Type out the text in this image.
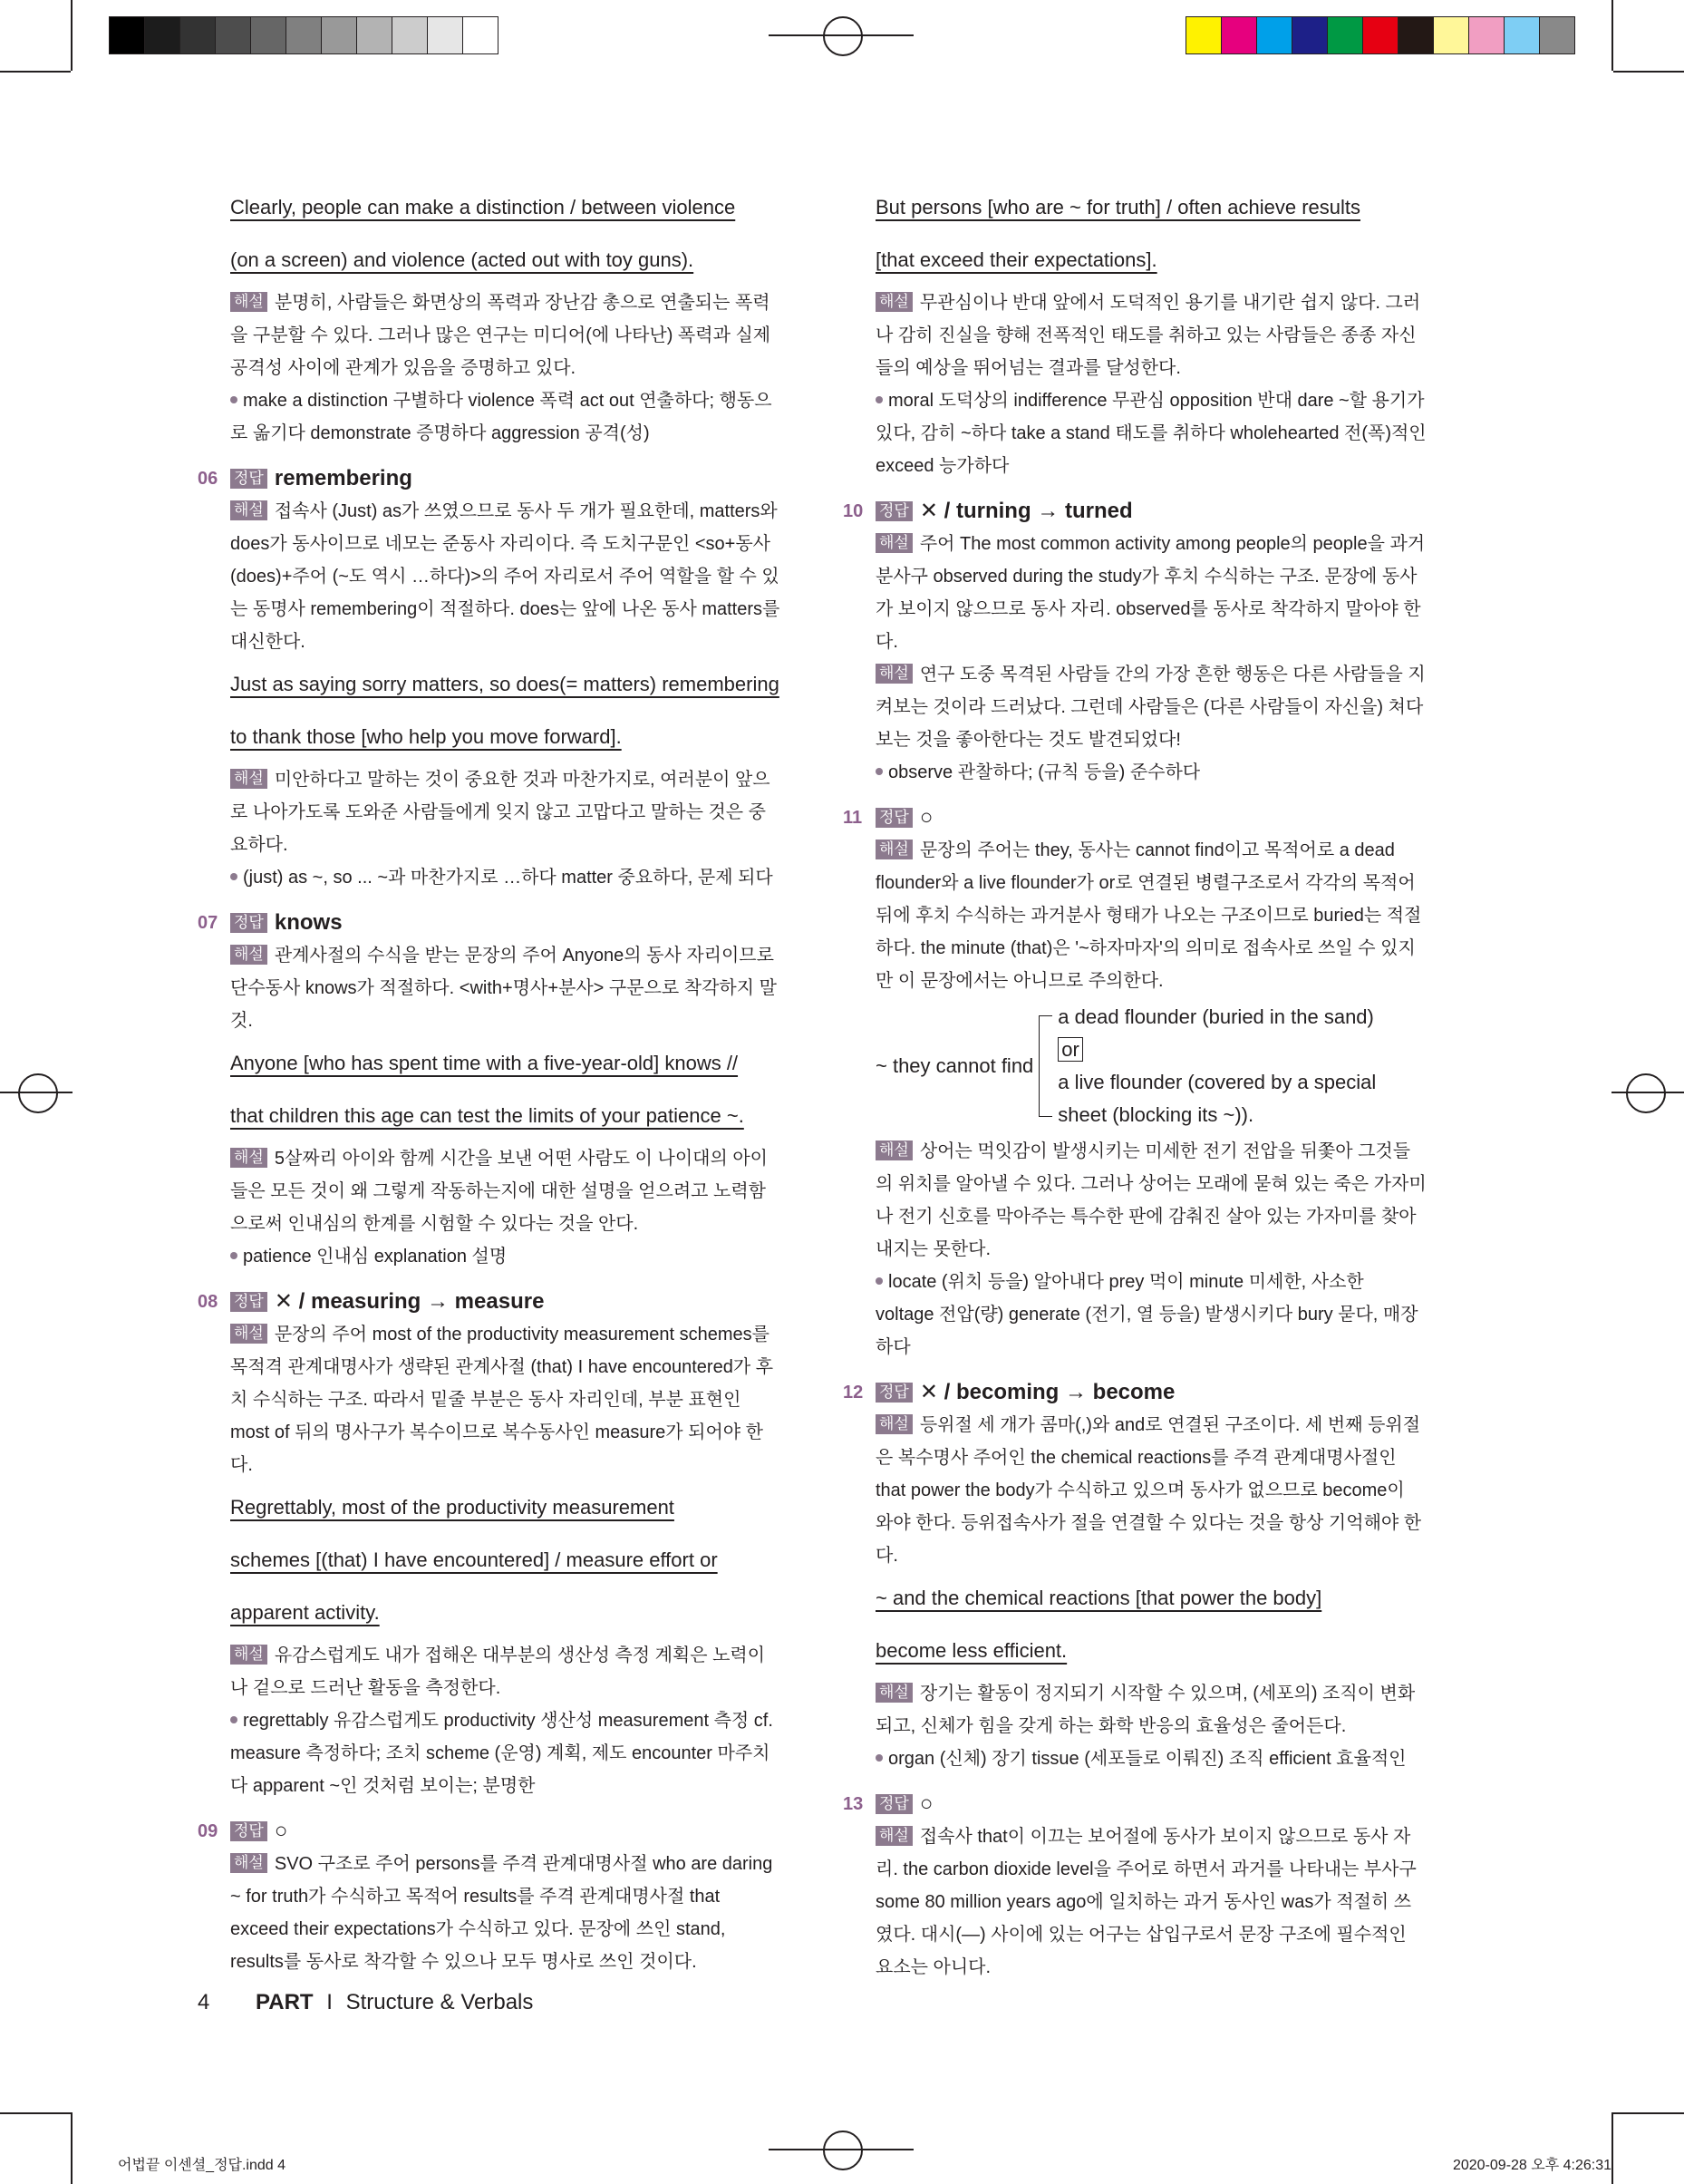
Clearly, people can make a distinction / between violence

(on a screen) and violence (acted out with toy guns).

해설 분명히, 사람들은 화면상의 폭력과 장난감 총으로 연출되는 폭력을 구분할 수 있다. 그러나 많은 연구는 미디어(에 나타난) 폭력과 실제 공격성 사이에 관계가 있음을 증명하고 있다.

make a distinction 구별하다 violence 폭력 act out 연출하다; 행동으로 옮기다 demonstrate 증명하다 aggression 공격(성)

06 정답 remembering

해설 접속사 (Just) as가 쓰였으므로 동사 두 개가 필요한데, matters와 does가 동사이므로 네모는 준동사 자리이다. 즉 도치구문인 <so+동사(does)+주어 (~도 역시 …하다)>의 주어 자리로서 주어 역할을 할 수 있는 동명사 remembering이 적절하다. does는 앞에 나온 동사 matters를 대신한다.

Just as saying sorry matters, so does(= matters) remembering

to thank those [who help you move forward].

해설 미안하다고 말하는 것이 중요한 것과 마찬가지로, 여러분이 앞으로 나아가도록 도와준 사람들에게 잊지 않고 고맙다고 말하는 것은 중요하다.

(just) as ~, so ... ~과 마찬가지로 …하다 matter 중요하다, 문제 되다

07 정답 knows

해설 관계사절의 수식을 받는 문장의 주어 Anyone의 동사 자리이므로 단수동사 knows가 적절하다. <with+명사+분사> 구문으로 착각하지 말 것.

Anyone [who has spent time with a five-year-old] knows //

that children this age can test the limits of your patience ~.

해설 5살짜리 아이와 함께 시간을 보낸 어떤 사람도 이 나이대의 아이들은 모든 것이 왜 그렇게 작동하는지에 대한 설명을 얻으려고 노력함으로써 인내심의 한계를 시험할 수 있다는 것을 안다.

patience 인내심 explanation 설명

08 정답 ✕ / measuring → measure

해설 문장의 주어 most of the productivity measurement schemes를 목적격 관계대명사가 생략된 관계사절 (that) I have encountered가 후치 수식하는 구조. 따라서 밑줄 부분은 동사 자리인데, 부분 표현인 most of 뒤의 명사구가 복수이므로 복수동사인 measure가 되어야 한다.

Regrettably, most of the productivity measurement

schemes [(that) I have encountered] / measure effort or

apparent activity.

해설 유감스럽게도 내가 접해온 대부분의 생산성 측정 계획은 노력이나 겉으로 드러난 활동을 측정한다.

regrettably 유감스럽게도 productivity 생산성 measurement 측정 cf. measure 측정하다; 조치 scheme (운영) 계획, 제도 encounter 마주치다 apparent ~인 것처럼 보이는; 분명한

09 정답 ○

해설 SVO 구조로 주어 persons를 주격 관계대명사절 who are daring ~ for truth가 수식하고 목적어 results를 주격 관계대명사절 that exceed their expectations가 수식하고 있다. 문장에 쓰인 stand, results를 동사로 착각할 수 있으나 모두 명사로 쓰인 것이다.

But persons [who are ~ for truth] / often achieve results

[that exceed their expectations].

해설 무관심이나 반대 앞에서 도덕적인 용기를 내기란 쉽지 않다. 그러나 감히 진실을 향해 전폭적인 태도를 취하고 있는 사람들은 종종 자신들의 예상을 뛰어넘는 결과를 달성한다.

moral 도덕상의 indifference 무관심 opposition 반대 dare ~할 용기가 있다, 감히 ~하다 take a stand 태도를 취하다 wholehearted 전(폭)적인 exceed 능가하다

10 정답 ✕ / turning → turned

해설 주어 The most common activity among people의 people을 과거분사구 observed during the study가 후치 수식하는 구조. 문장에 동사가 보이지 않으므로 동사 자리. observed를 동사로 착각하지 말아야 한다.

해설 연구 도중 목격된 사람들 간의 가장 흔한 행동은 다른 사람들을 지켜보는 것이라 드러났다. 그런데 사람들은 (다른 사람들이 자신을) 쳐다보는 것을 좋아한다는 것도 발견되었다!

observe 관찰하다; (규칙 등을) 준수하다

11 정답 ○

해설 문장의 주어는 they, 동사는 cannot find이고 목적어로 a dead flounder와 a live flounder가 or로 연결된 병렬구조로서 각각의 목적어 뒤에 후치 수식하는 과거분사 형태가 나오는 구조이므로 buried는 적절하다. the minute (that)은 '~하자마자'의 의미로 접속사로 쓰일 수 있지만 이 문장에서는 아니므로 주의한다.

~ they cannot find
a dead flounder (buried in the sand)
or
a live flounder (covered by a special
sheet (blocking its ~)).

해설 상어는 먹잇감이 발생시키는 미세한 전기 전압을 뒤쫓아 그것들의 위치를 알아낼 수 있다. 그러나 상어는 모래에 묻혀 있는 죽은 가자미나 전기 신호를 막아주는 특수한 판에 감춰진 살아 있는 가자미를 찾아내지는 못한다.

locate (위치 등을) 알아내다 prey 먹이 minute 미세한, 사소한 voltage 전압(량) generate (전기, 열 등을) 발생시키다 bury 묻다, 매장하다

12 정답 ✕ / becoming → become

해설 등위절 세 개가 콤마(,)와 and로 연결된 구조이다. 세 번째 등위절은 복수명사 주어인 the chemical reactions를 주격 관계대명사절인 that power the body가 수식하고 있으며 동사가 없으므로 become이 와야 한다. 등위접속사가 절을 연결할 수 있다는 것을 항상 기억해야 한다.

~ and the chemical reactions [that power the body]

become less efficient.

해설 장기는 활동이 정지되기 시작할 수 있으며, (세포의) 조직이 변화되고, 신체가 힘을 갖게 하는 화학 반응의 효율성은 줄어든다.

organ (신체) 장기 tissue (세포들로 이뤄진) 조직 efficient 효율적인

13 정답 ○

해설 접속사 that이 이끄는 보어절에 동사가 보이지 않으므로 동사 자리. the carbon dioxide level을 주어로 하면서 과거를 나타내는 부사구 some 80 million years ago에 일치하는 과거 동사인 was가 적절히 쓰였다. 대시(—) 사이에 있는 어구는 삽입구로서 문장 구조에 필수적인 요소는 아니다.

4 PART I Structure & Verbals
어법끝 이센셜_정답.indd 4	2020-09-28 오후 4:26:31
